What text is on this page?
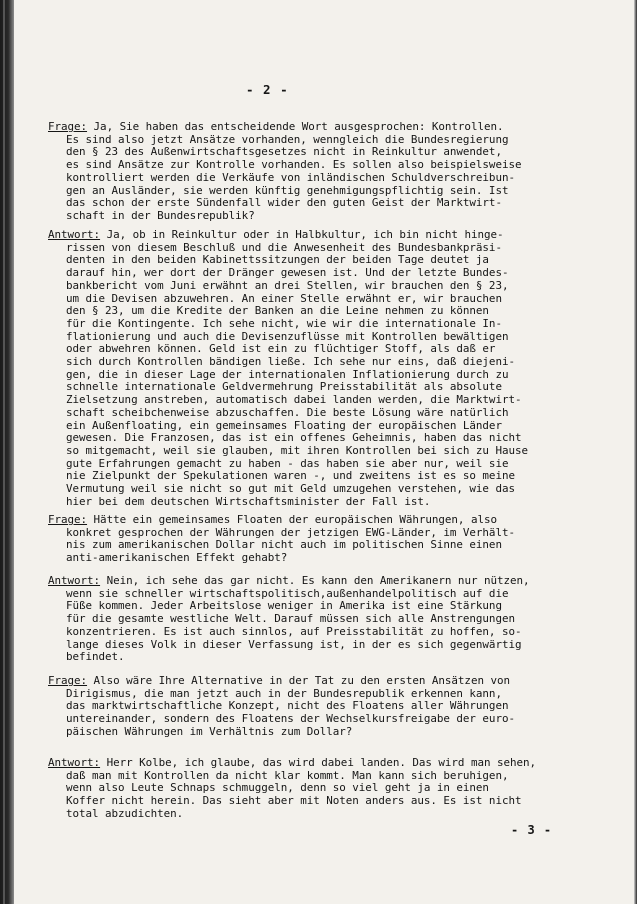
- 2 -
Frage: Ja, Sie haben das entscheidende Wort ausgesprochen: Kontrollen.
Es sind also jetzt Ansätze vorhanden, wenngleich die Bundesregierung
den § 23 des Außenwirtschaftsgesetzes nicht in Reinkultur anwendet,
es sind Ansätze zur Kontrolle vorhanden. Es sollen also beispielsweise
kontrolliert werden die Verkäufe von inländischen Schuldverschreibun-
gen an Ausländer, sie werden künftig genehmigungspflichtig sein. Ist
das schon der erste Sündenfall wider den guten Geist der Marktwirt-
schaft in der Bundesrepublik?
Antwort: Ja, ob in Reinkultur oder in Halbkultur, ich bin nicht hinge-
rissen von diesem Beschluß und die Anwesenheit des Bundesbankpräsi-
denten in den beiden Kabinettssitzungen der beiden Tage deutet ja
darauf hin, wer dort der Dränger gewesen ist. Und der letzte Bundes-
bankbericht vom Juni erwähnt an drei Stellen, wir brauchen den § 23,
um die Devisen abzuwehren. An einer Stelle erwähnt er, wir brauchen
den § 23, um die Kredite der Banken an die Leine nehmen zu können
für die Kontingente. Ich sehe nicht, wie wir die internationale In-
flationierung und auch die Devisenzuflüsse mit Kontrollen bewältigen
oder abwehren können. Geld ist ein zu flüchtiger Stoff, als daß er
sich durch Kontrollen bändigen ließe. Ich sehe nur eins, daß diejeni-
gen, die in dieser Lage der internationalen Inflationierung durch zu
schnelle internationale Geldvermehrung Preisstabilität als absolute
Zielsetzung anstreben, automatisch dabei landen werden, die Marktwirt-
schaft scheibchenweise abzuschaffen. Die beste Lösung wäre natürlich
ein Außenfloating, ein gemeinsames Floating der europäischen Länder
gewesen. Die Franzosen, das ist ein offenes Geheimnis, haben das nicht
so mitgemacht, weil sie glauben, mit ihren Kontrollen bei sich zu Hause
gute Erfahrungen gemacht zu haben - das haben sie aber nur, weil sie
nie Zielpunkt der Spekulationen waren -, und zweitens ist es so meine
Vermutung weil sie nicht so gut mit Geld umzugehen verstehen, wie das
hier bei dem deutschen Wirtschaftsminister der Fall ist.
Frage: Hätte ein gemeinsames Floaten der europäischen Währungen, also
konkret gesprochen der Währungen der jetzigen EWG-Länder, im Verhält-
nis zum amerikanischen Dollar nicht auch im politischen Sinne einen
anti-amerikanischen Effekt gehabt?
Antwort: Nein, ich sehe das gar nicht. Es kann den Amerikanern nur nützen,
wenn sie schneller wirtschaftspolitisch,außenhandelpolitisch auf die
Füße kommen. Jeder Arbeitslose weniger in Amerika ist eine Stärkung
für die gesamte westliche Welt. Darauf müssen sich alle Anstrengungen
konzentrieren. Es ist auch sinnlos, auf Preisstabilität zu hoffen, so-
lange dieses Volk in dieser Verfassung ist, in der es sich gegenwärtig
befindet.
Frage: Also wäre Ihre Alternative in der Tat zu den ersten Ansätzen von
Dirigismus, die man jetzt auch in der Bundesrepublik erkennen kann,
das marktwirtschaftliche Konzept, nicht des Floatens aller Währungen
untereinander, sondern des Floatens der Wechselkursfreigabe der euro-
päischen Währungen im Verhältnis zum Dollar?
Antwort: Herr Kolbe, ich glaube, das wird dabei landen. Das wird man sehen,
daß man mit Kontrollen da nicht klar kommt. Man kann sich beruhigen,
wenn also Leute Schnaps schmuggeln, denn so viel geht ja in einen
Koffer nicht herein. Das sieht aber mit Noten anders aus. Es ist nicht
total abzudichten.
- 3 -
